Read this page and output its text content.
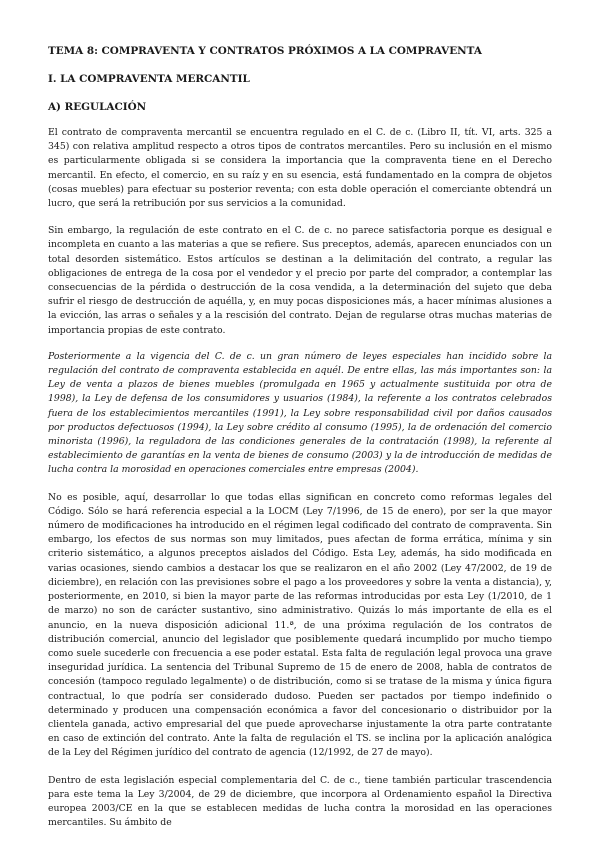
TEMA 8: COMPRAVENTA Y CONTRATOS PRÓXIMOS A LA COMPRAVENTA
I. LA COMPRAVENTA MERCANTIL
A) REGULACIÓN

El contrato de compraventa mercantil se encuentra regulado en el C. de c. (Libro II, tít. VI, arts. 325 a 345) con relativa amplitud respecto a otros tipos de contratos mercantiles. Pero su inclusión en el mismo es particularmente obligada si se considera la importancia que la compraventa tiene en el Derecho mercantil. En efecto, el comercio, en su raíz y en su esencia, está fundamentado en la compra de objetos (cosas muebles) para efectuar su posterior reventa; con esta doble operación el comerciante obtendrá un lucro, que será la retribución por sus servicios a la comunidad.

Sin embargo, la regulación de este contrato en el C. de c. no parece satisfactoria porque es desigual e incompleta en cuanto a las materias a que se refiere. Sus preceptos, además, aparecen enunciados con un total desorden sistemático. Estos artículos se destinan a la delimitación del contrato, a regular las obligaciones de entrega de la cosa por el vendedor y el precio por parte del comprador, a contemplar las consecuencias de la pérdida o destrucción de la cosa vendida, a la determinación del sujeto que deba sufrir el riesgo de destrucción de aquélla, y, en muy pocas disposiciones más, a hacer mínimas alusiones a la evicción, las arras o señales y a la rescisión del contrato. Dejan de regularse otras muchas materias de importancia propias de este contrato.

Posteriormente a la vigencia del C. de c. un gran número de leyes especiales han incidido sobre la regulación del contrato de compraventa establecida en aquél. De entre ellas, las más importantes son: la Ley de venta a plazos de bienes muebles (promulgada en 1965 y actualmente sustituida por otra de 1998), la Ley de defensa de los consumidores y usuarios (1984), la referente a los contratos celebrados fuera de los establecimientos mercantiles (1991), la Ley sobre responsabilidad civil por daños causados por productos defectuosos (1994), la Ley sobre crédito al consumo (1995), la de ordenación del comercio minorista (1996), la reguladora de las condiciones generales de la contratación (1998), la referente al establecimiento de garantías en la venta de bienes de consumo (2003) y la de introducción de medidas de lucha contra la morosidad en operaciones comerciales entre empresas (2004).

No es posible, aquí, desarrollar lo que todas ellas significan en concreto como reformas legales del Código. Sólo se hará referencia especial a la LOCM (Ley 7/1996, de 15 de enero), por ser la que mayor número de modificaciones ha introducido en el régimen legal codificado del contrato de compraventa. Sin embargo, los efectos de sus normas son muy limitados, pues afectan de forma errática, mínima y sin criterio sistemático, a algunos preceptos aislados del Código. Esta Ley, además, ha sido modificada en varias ocasiones, siendo cambios a destacar los que se realizaron en el año 2002 (Ley 47/2002, de 19 de diciembre), en relación con las previsiones sobre el pago a los proveedores y sobre la venta a distancia), y, posteriormente, en 2010, si bien la mayor parte de las reformas introducidas por esta Ley (1/2010, de 1 de marzo) no son de carácter sustantivo, sino administrativo. Quizás lo más importante de ella es el anuncio, en la nueva disposición adicional 11.ª, de una próxima regulación de los contratos de distribución comercial, anuncio del legislador que posiblemente quedará incumplido por mucho tiempo como suele sucederle con frecuencia a ese poder estatal. Esta falta de regulación legal provoca una grave inseguridad jurídica. La sentencia del Tribunal Supremo de 15 de enero de 2008, habla de contratos de concesión (tampoco regulado legalmente) o de distribución, como si se tratase de la misma y única figura contractual, lo que podría ser considerado dudoso. Pueden ser pactados por tiempo indefinido o determinado y producen una compensación económica a favor del concesionario o distribuidor por la clientela ganada, activo empresarial del que puede aprovecharse injustamente la otra parte contratante en caso de extinción del contrato. Ante la falta de regulación el TS. se inclina por la aplicación analógica de la Ley del Régimen jurídico del contrato de agencia (12/1992, de 27 de mayo).

Dentro de esta legislación especial complementaria del C. de c., tiene también particular trascendencia para este tema la Ley 3/2004, de 29 de diciembre, que incorpora al Ordenamiento español la Directiva europea 2003/CE en la que se establecen medidas de lucha contra la morosidad en las operaciones mercantiles. Su ámbito de
